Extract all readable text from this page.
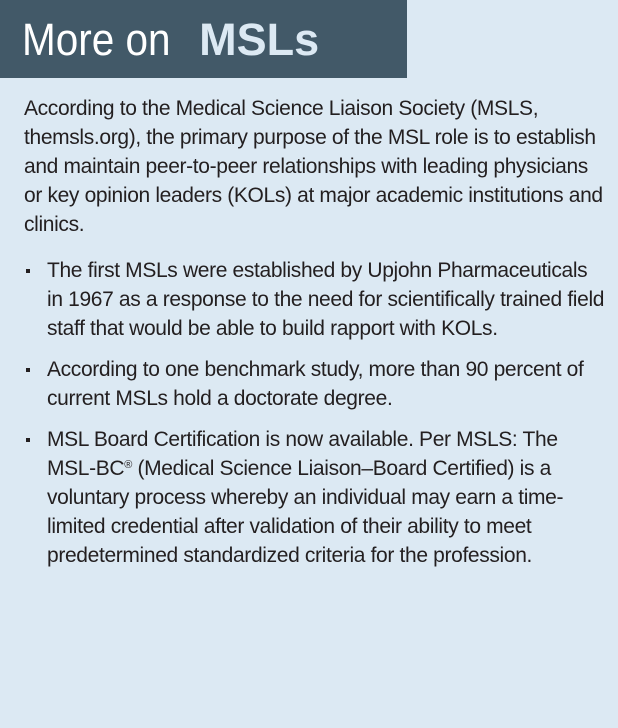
More on MSLs

According to the Medical Science Liaison Society (MSLS, themsls.org), the primary purpose of the MSL role is to establish and maintain peer-to-peer relationships with leading physicians or key opinion leaders (KOLs) at major academic institutions and clinics.

The first MSLs were established by Upjohn Pharmaceuticals in 1967 as a response to the need for scientifically trained field staff that would be able to build rapport with KOLs.
According to one benchmark study, more than 90 percent of current MSLs hold a doctorate degree.
MSL Board Certification is now available. Per MSLS: The MSL-BC® (Medical Science Liaison–Board Certified) is a voluntary process whereby an individual may earn a time-limited credential after validation of their ability to meet predetermined standardized criteria for the profession.
